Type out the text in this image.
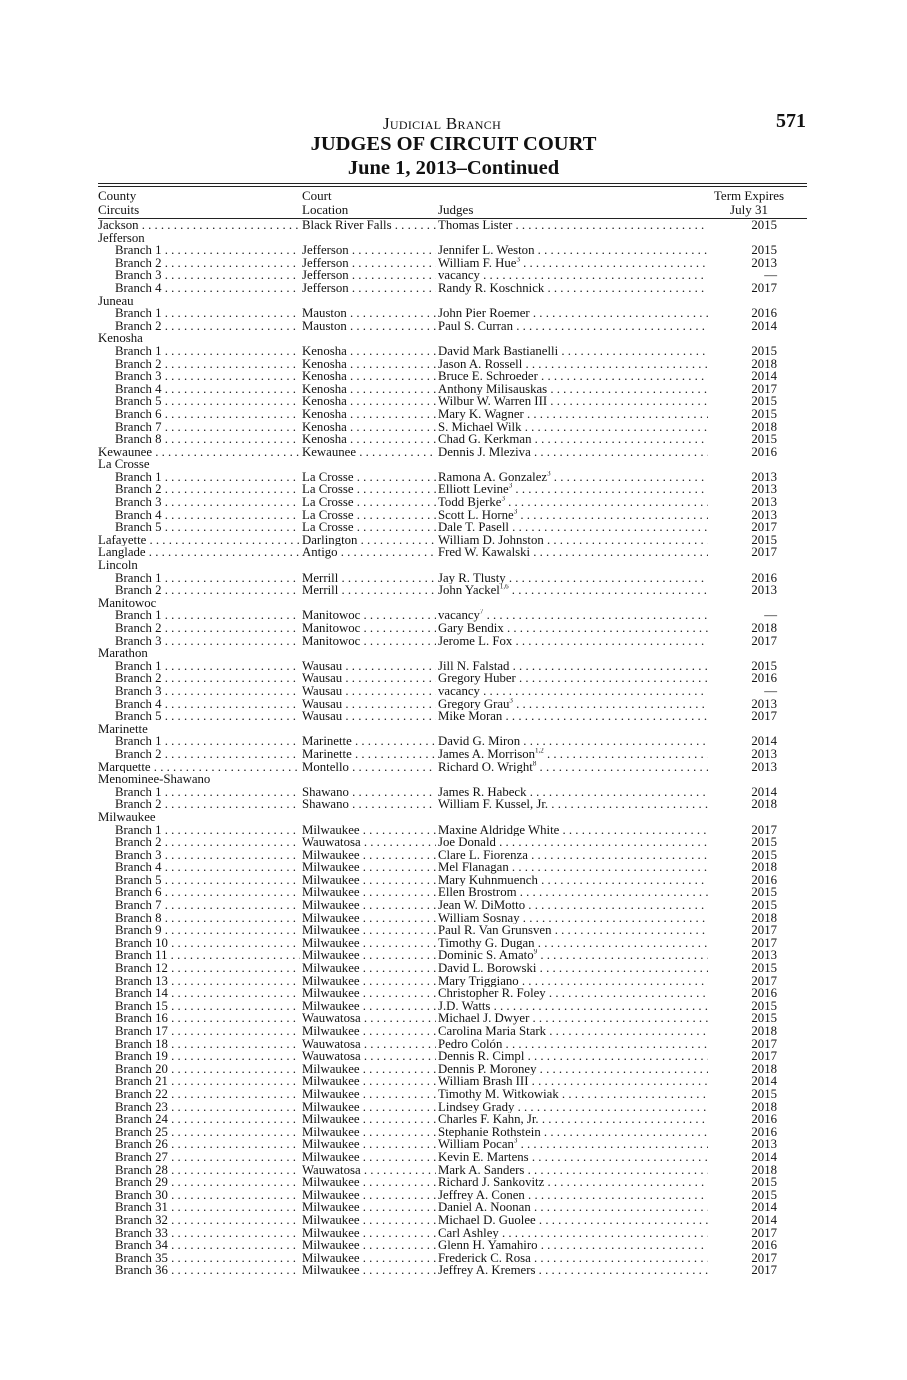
Judicial Branch	571
JUDGES OF CIRCUIT COURT
June 1, 2013–Continued
County
Circuits
Court
Location	Judges
Term Expires
July 31
Jackson . . .	Black River Falls . . .	Thomas Lister . . .	2015
Jefferson
Branch 1 . . .	Jefferson . . .	Jennifer L. Weston . . .	2015
Branch 2 . . .	Jefferson . . .	William F. Hue$^3$ . . .	2013
Branch 3 . . .	Jefferson . . .	vacancy . . .	—
Branch 4 . . .	Jefferson . . .	Randy R. Koschnick . . .	2017
Juneau
Branch 1 . . .	Mauston . . .	John Pier Roemer . . .	2016
Branch 2 . . .	Mauston . . .	Paul S. Curran . . .	2014
Kenosha
Branch 1 . . .	Kenosha . . .	David Mark Bastianelli . . .	2015
Branch 2 . . .	Kenosha . . .	Jason A. Rossell . . .	2018
Branch 3 . . .	Kenosha . . .	Bruce E. Schroeder . . .	2014
Branch 4 . . .	Kenosha . . .	Anthony Milisauskas . . .	2017
Branch 5 . . .	Kenosha . . .	Wilbur W. Warren III . . .	2015
Branch 6 . . .	Kenosha . . .	Mary K. Wagner . . .	2015
Branch 7 . . .	Kenosha . . .	S. Michael Wilk . . .	2018
Branch 8 . . .	Kenosha . . .	Chad G. Kerkman . . .	2015
Kewaunee . . .	Kewaunee . . .	Dennis J. Mleziva . . .	2016
La Crosse
Branch 1 . . .	La Crosse . . .	Ramona A. Gonzalez$^3$ . . .	2013
Branch 2 . . .	La Crosse . . .	Elliott Levine$^3$ . . .	2013
Branch 3 . . .	La Crosse . . .	Todd Bjerke$^3$ . . .	2013
Branch 4 . . .	La Crosse . . .	Scott L. Horne$^3$ . . .	2013
Branch 5 . . .	La Crosse . . .	Dale T. Pasell . . .	2017
Lafayette . . .	Darlington . . .	William D. Johnston . . .	2015
Langlade . . .	Antigo . . .	Fred W. Kawalski . . .	2017
Lincoln
Branch 1 . . .	Merrill . . .	Jay R. Tlusty . . .	2016
Branch 2 . . .	Merrill . . .	John Yackel$^{1,6}$ . . .	2013
Manitowoc
Branch 1 . . .	Manitowoc . . .	vacancy$^7$ . . .	—
Branch 2 . . .	Manitowoc . . .	Gary Bendix . . .	2018
Branch 3 . . .	Manitowoc . . .	Jerome L. Fox . . .	2017
Marathon
Branch 1 . . .	Wausau . . .	Jill N. Falstad . . .	2015
Branch 2 . . .	Wausau . . .	Gregory Huber . . .	2016
Branch 3 . . .	Wausau . . .	vacancy . . .	—
Branch 4 . . .	Wausau . . .	Gregory Grau$^3$ . . .	2013
Branch 5 . . .	Wausau . . .	Mike Moran . . .	2017
Marinette
Branch 1 . . .	Marinette . . .	David G. Miron . . .	2014
Branch 2 . . .	Marinette . . .	James A. Morrison$^{1,2}$ . . .	2013
Marquette . . .	Montello . . .	Richard O. Wright$^8$ . . .	2013
Menominee-Shawano
Branch 1 . . .	Shawano . . .	James R. Habeck . . .	2014
Branch 2 . . .	Shawano . . .	William F. Kussel, Jr. . . .	2018
Milwaukee
Branch 1 . . .	Milwaukee . . .	Maxine Aldridge White . . .	2017
Branch 2 . . .	Wauwatosa . . .	Joe Donald . . .	2015
Branch 3 . . .	Milwaukee . . .	Clare L. Fiorenza . . .	2015
Branch 4 . . .	Milwaukee . . .	Mel Flanagan . . .	2018
Branch 5 . . .	Milwaukee . . .	Mary Kuhnmuench . . .	2016
Branch 6 . . .	Milwaukee . . .	Ellen Brostrom . . .	2015
Branch 7 . . .	Milwaukee . . .	Jean W. DiMotto . . .	2015
Branch 8 . . .	Milwaukee . . .	William Sosnay . . .	2018
Branch 9 . . .	Milwaukee . . .	Paul R. Van Grunsven . . .	2017
Branch 10 . . .	Milwaukee . . .	Timothy G. Dugan . . .	2017
Branch 11 . . .	Milwaukee . . .	Dominic S. Amato$^9$ . . .	2013
Branch 12 . . .	Milwaukee . . .	David L. Borowski . . .	2015
Branch 13 . . .	Milwaukee . . .	Mary Triggiano . . .	2017
Branch 14 . . .	Milwaukee . . .	Christopher R. Foley . . .	2016
Branch 15 . . .	Milwaukee . . .	J.D. Watts . . .	2015
Branch 16 . . .	Wauwatosa . . .	Michael J. Dwyer . . .	2015
Branch 17 . . .	Milwaukee . . .	Carolina Maria Stark . . .	2018
Branch 18 . . .	Wauwatosa . . .	Pedro Colón . . .	2017
Branch 19 . . .	Wauwatosa . . .	Dennis R. Cimpl . . .	2017
Branch 20 . . .	Milwaukee . . .	Dennis P. Moroney . . .	2018
Branch 21 . . .	Milwaukee . . .	William Brash III . . .	2014
Branch 22 . . .	Milwaukee . . .	Timothy M. Witkowiak . . .	2015
Branch 23 . . .	Milwaukee . . .	Lindsey Grady . . .	2018
Branch 24 . . .	Milwaukee . . .	Charles F. Kahn, Jr. . . .	2016
Branch 25 . . .	Milwaukee . . .	Stephanie Rothstein . . .	2016
Branch 26 . . .	Milwaukee . . .	William Pocan$^3$ . . .	2013
Branch 27 . . .	Milwaukee . . .	Kevin E. Martens . . .	2014
Branch 28 . . .	Wauwatosa . . .	Mark A. Sanders . . .	2018
Branch 29 . . .	Milwaukee . . .	Richard J. Sankovitz . . .	2015
Branch 30 . . .	Milwaukee . . .	Jeffrey A. Conen . . .	2015
Branch 31 . . .	Milwaukee . . .	Daniel A. Noonan . . .	2014
Branch 32 . . .	Milwaukee . . .	Michael D. Guolee . . .	2014
Branch 33 . . .	Milwaukee . . .	Carl Ashley . . .	2017
Branch 34 . . .	Milwaukee . . .	Glenn H. Yamahiro . . .	2016
Branch 35 . . .	Milwaukee . . .	Frederick C. Rosa . . .	2017
Branch 36 . . .	Milwaukee . . .	Jeffrey A. Kremers . . .	2017
